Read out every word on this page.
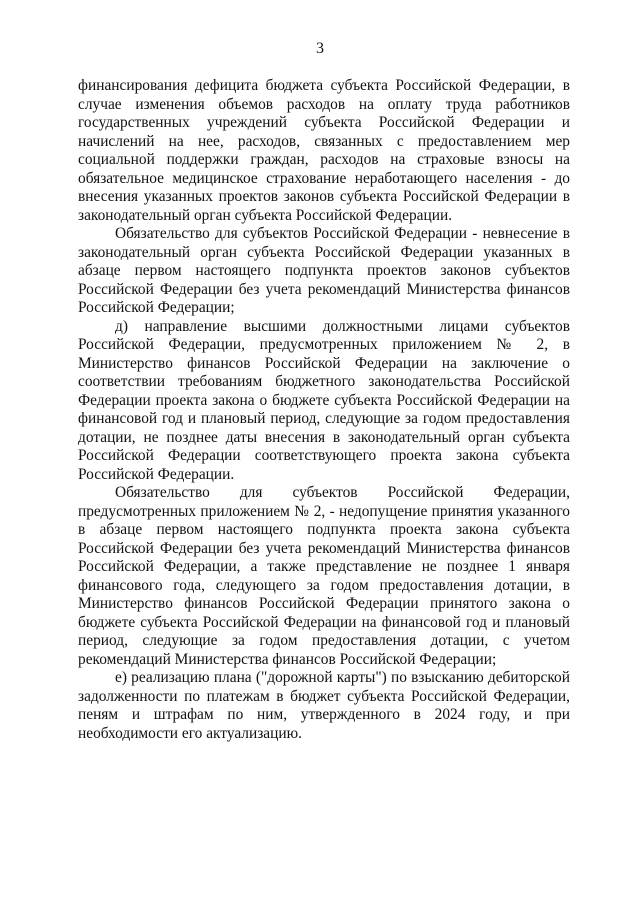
3

финансирования дефицита бюджета субъекта Российской Федерации, в случае изменения объемов расходов на оплату труда работников государственных учреждений субъекта Российской Федерации и начислений на нее, расходов, связанных с предоставлением мер социальной поддержки граждан, расходов на страховые взносы на обязательное медицинское страхование неработающего населения - до внесения указанных проектов законов субъекта Российской Федерации в законодательный орган субъекта Российской Федерации.

Обязательство для субъектов Российской Федерации - невнесение в законодательный орган субъекта Российской Федерации указанных в абзаце первом настоящего подпункта проектов законов субъектов Российской Федерации без учета рекомендаций Министерства финансов Российской Федерации;

д) направление высшими должностными лицами субъектов Российской Федерации, предусмотренных приложением № 2, в Министерство финансов Российской Федерации на заключение о соответствии требованиям бюджетного законодательства Российской Федерации проекта закона о бюджете субъекта Российской Федерации на финансовой год и плановый период, следующие за годом предоставления дотации, не позднее даты внесения в законодательный орган субъекта Российской Федерации соответствующего проекта закона субъекта Российской Федерации.

Обязательство для субъектов Российской Федерации, предусмотренных приложением № 2, - недопущение принятия указанного в абзаце первом настоящего подпункта проекта закона субъекта Российской Федерации без учета рекомендаций Министерства финансов Российской Федерации, а также представление не позднее 1 января финансового года, следующего за годом предоставления дотации, в Министерство финансов Российской Федерации принятого закона о бюджете субъекта Российской Федерации на финансовой год и плановый период, следующие за годом предоставления дотации, с учетом рекомендаций Министерства финансов Российской Федерации;

е) реализацию плана ("дорожной карты") по взысканию дебиторской задолженности по платежам в бюджет субъекта Российской Федерации, пеням и штрафам по ним, утвержденного в 2024 году, и при необходимости его актуализацию.
